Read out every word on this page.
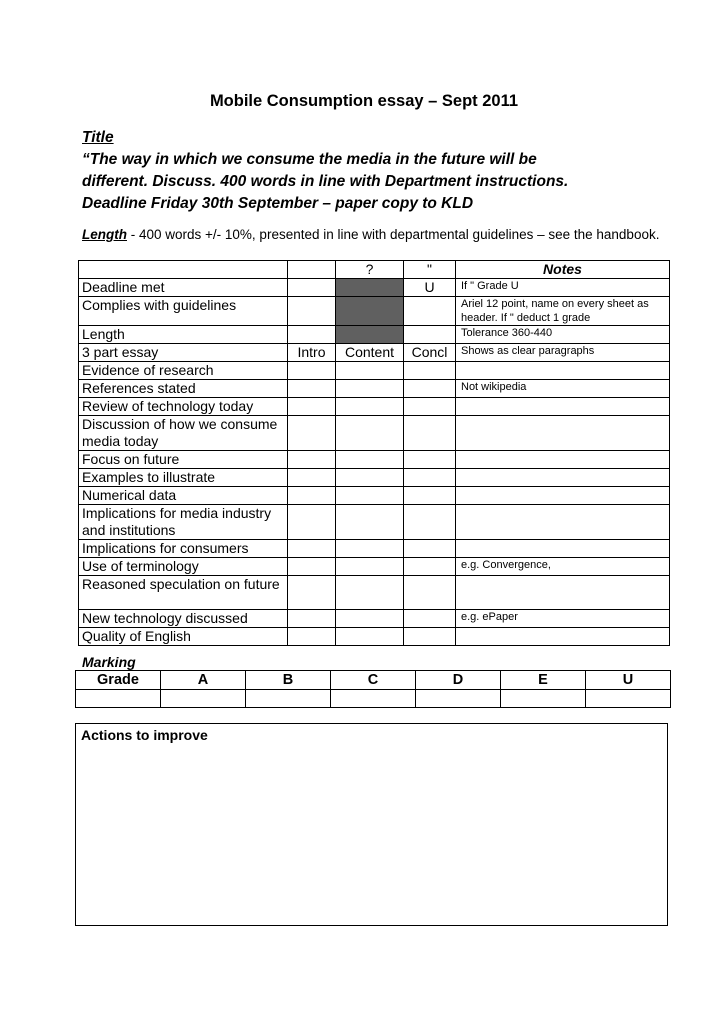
Mobile Consumption essay – Sept 2011
Title
“The way in which we consume the media in the future will be
different. Discuss. 400 words in line with Department instructions.
Deadline Friday 30th September – paper copy to KLD
Length - 400 words +/- 10%, presented in line with departmental guidelines – see the handbook.
		?	"	Notes
Deadline met			U	If " Grade U
Complies with guidelines				Ariel 12 point, name on every sheet as header. If " deduct 1 grade
Length				Tolerance 360-440
3 part essay	Intro	Content	Concl	Shows as clear paragraphs
Evidence of research				
References stated				Not wikipedia
Review of technology today				
Discussion of how we consume media today				
Focus on future				
Examples to illustrate				
Numerical data				
Implications for media industry and institutions				
Implications for consumers				
Use of terminology				e.g. Convergence,
Reasoned speculation on future				
New technology discussed				e.g. ePaper
Quality of English				
Marking
Grade	A	B	C	D	E	U

Actions to improve
